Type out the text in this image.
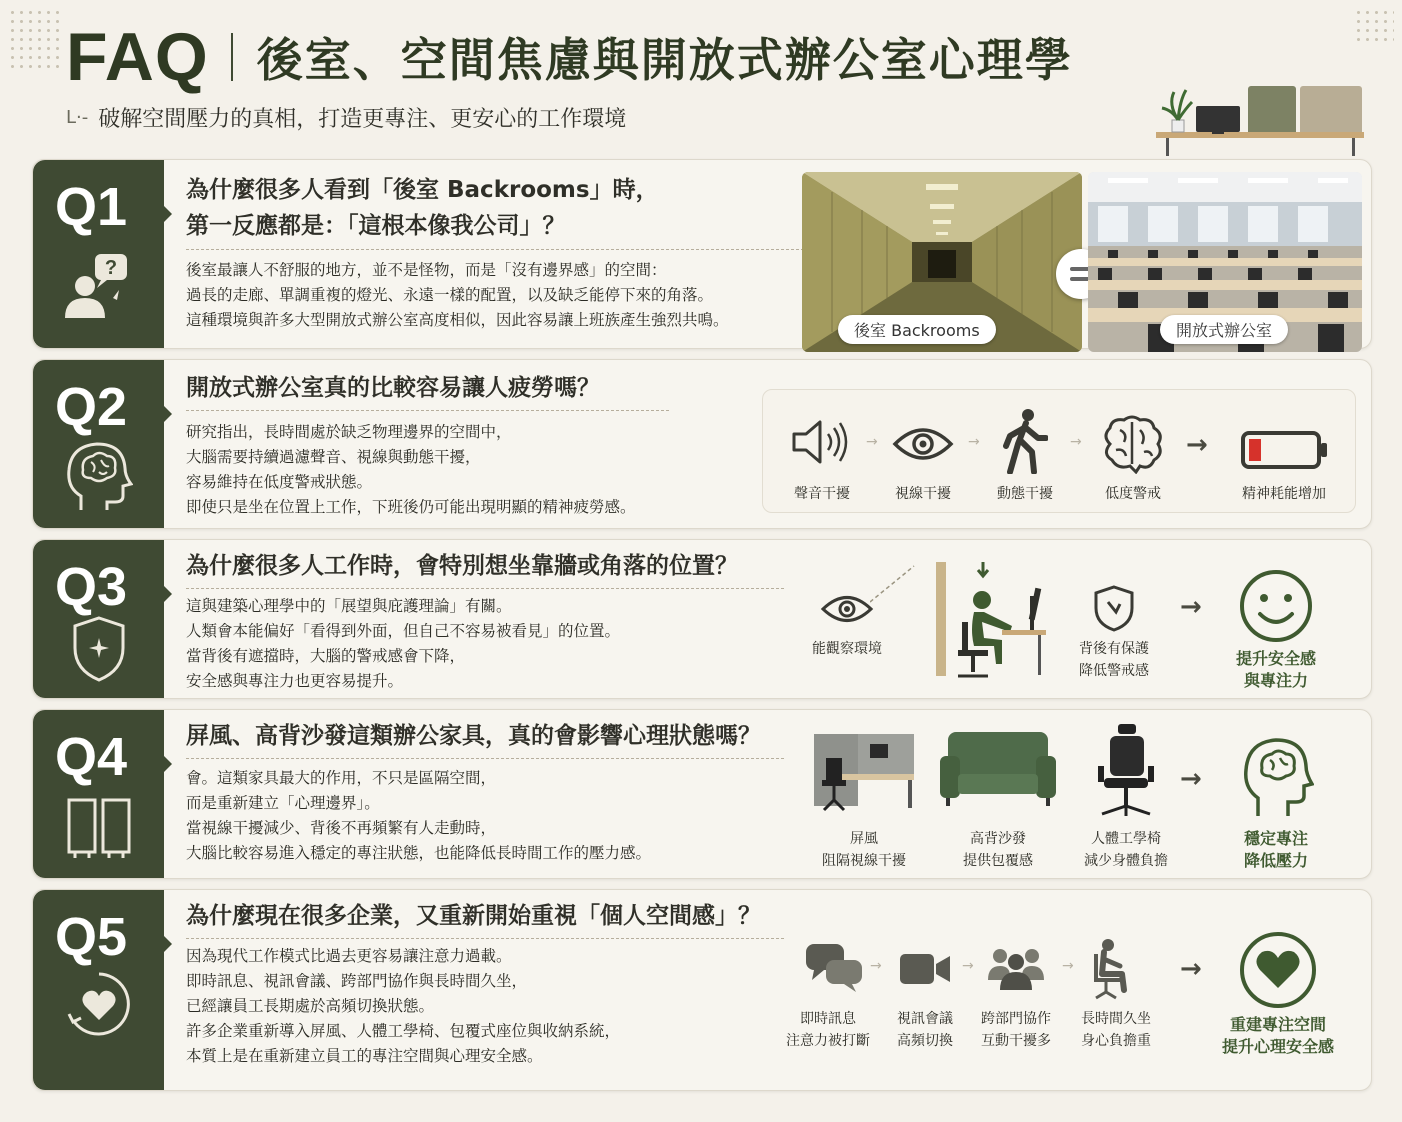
FAQ 後室、空間焦慮與開放式辦公室心理學
ᒪ·- 破解空間壓力的真相，打造更專注、更安心的工作環境
Q1
?
為什麼很多人看到「後室 Backrooms」時，
第一反應都是：「這根本像我公司」？
後室最讓人不舒服的地方，並不是怪物，而是「沒有邊界感」的空間：
過長的走廊、單調重複的燈光、永遠一樣的配置，以及缺乏能停下來的角落。
這種環境與許多大型開放式辦公室高度相似，因此容易讓上班族產生強烈共鳴。
後室 Backrooms	開放式辦公室
Q2	開放式辦公室真的比較容易讓人疲勞嗎？
研究指出，長時間處於缺乏物理邊界的空間中，
大腦需要持續過濾聲音、視線與動態干擾，
容易維持在低度警戒狀態。
即使只是坐在位置上工作，下班後仍可能出現明顯的精神疲勞感。
聲音干擾
→
視線干擾
→
動態干擾
→
低度警戒
→
精神耗能增加
Q3	為什麼很多人工作時，會特別想坐靠牆或角落的位置？
這與建築心理學中的「展望與庇護理論」有關。
人類會本能偏好「看得到外面，但自己不容易被看見」的位置。
當背後有遮擋時，大腦的警戒感會下降，
安全感與專注力也更容易提升。
能觀察環境	背後有保護
降低警戒感
→
提升安全感
與專注力
Q4	屏風、高背沙發這類辦公家具，真的會影響心理狀態嗎？
會。這類家具最大的作用，不只是區隔空間，
而是重新建立「心理邊界」。
當視線干擾減少、背後不再頻繁有人走動時，
大腦比較容易進入穩定的專注狀態，也能降低長時間工作的壓力感。
屏風
阻隔視線干擾
高背沙發
提供包覆感
人體工學椅
減少身體負擔
→
穩定專注
降低壓力
Q5	為什麼現在很多企業，又重新開始重視「個人空間感」？
因為現代工作模式比過去更容易讓注意力過載。
即時訊息、視訊會議、跨部門協作與長時間久坐，
已經讓員工長期處於高頻切換狀態。
許多企業重新導入屏風、人體工學椅、包覆式座位與收納系統，
本質上是在重新建立員工的專注空間與心理安全感。
即時訊息
注意力被打斷
→
視訊會議
高頻切換
→
跨部門協作
互動干擾多
→
長時間久坐
身心負擔重
→
重建專注空間
提升心理安全感
